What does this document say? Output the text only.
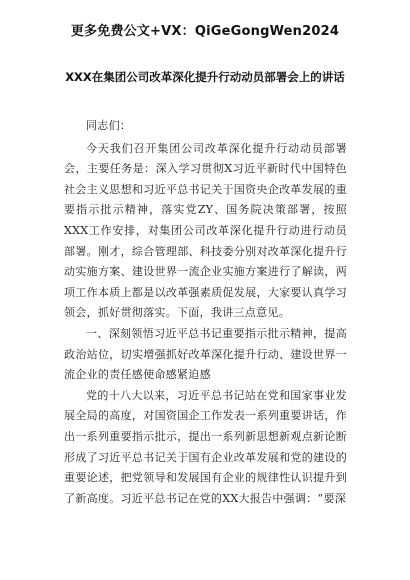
更多免费公文+VX：QiGeGongWen2024
XXX在集团公司改革深化提升行动动员部署会上的讲话

同志们：

今天我们召开集团公司改革深化提升行动动员部署会，主要任务是：深入学习贯彻X习近平新时代中国特色社会主义思想和习近平总书记关于国资央企改革发展的重要指示批示精神，落实党ZY、国务院决策部署，按照XXX工作安排，对集团公司改革深化提升行动进行动员部署。刚才，综合管理部、科技委分别对改革深化提升行动实施方案、建设世界一流企业实施方案进行了解读，两项工作本质上都是以改革强素质促发展，大家要认真学习领会，抓好贯彻落实。下面，我讲三点意见。

一、深刻领悟习近平总书记重要指示批示精神，提高政治站位，切实增强抓好改革深化提升行动、建设世界一流企业的责任感使命感紧迫感

党的十八大以来，习近平总书记站在党和国家事业发展全局的高度，对国资国企工作发表一系列重要讲话，作出一系列重要指示批示，提出一系列新思想新观点新论断形成了习近平总书记关于国有企业改革发展和党的建设的重要论述，把党领导和发展国有企业的规律性认识提升到了新高度。习近平总书记在党的XX大报告中强调：“要深
